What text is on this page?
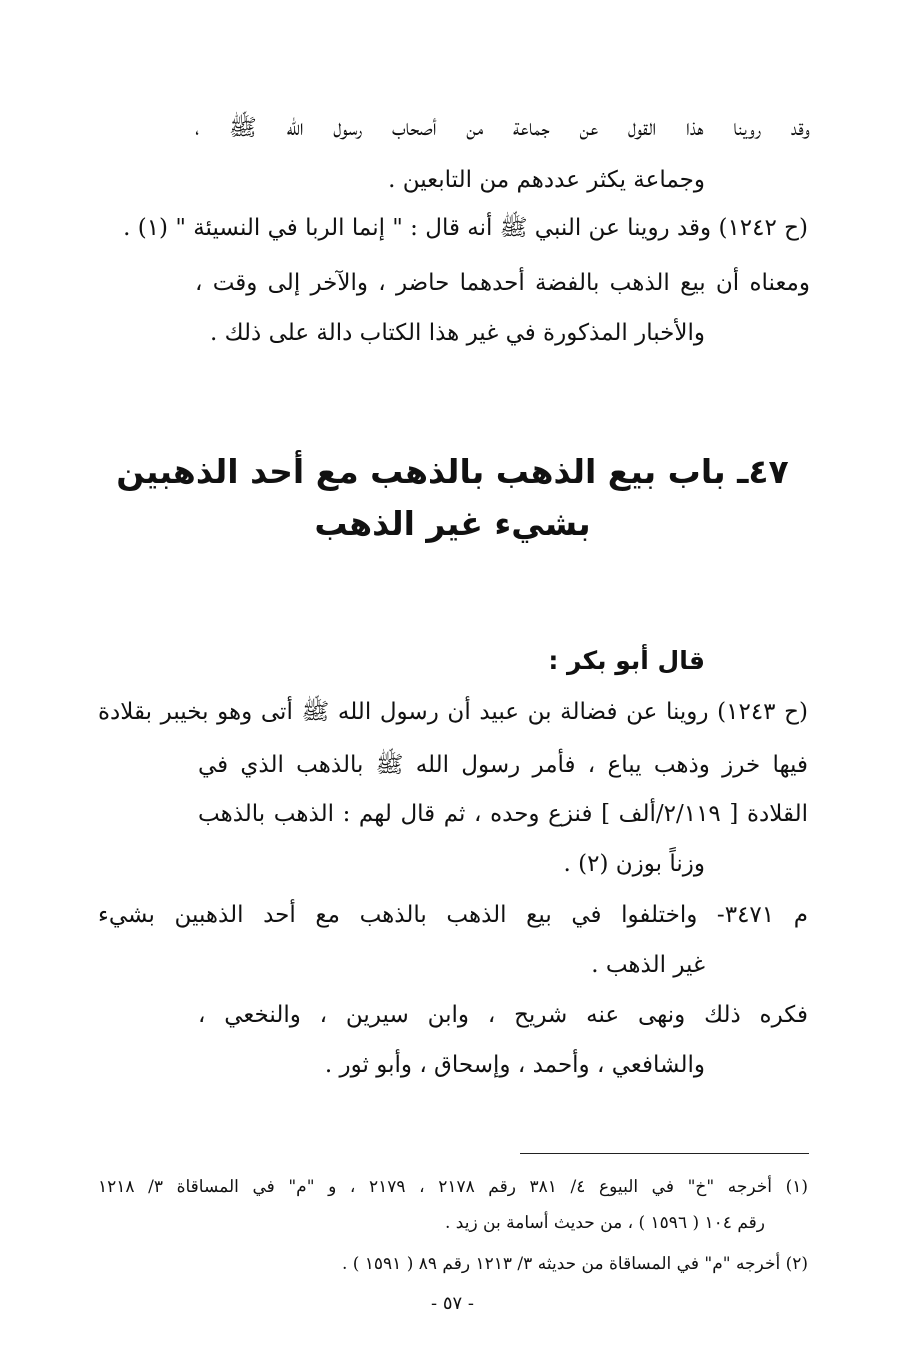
وقد روينا هذا القول عن جماعة من أصحاب رسول الله ﷺ ،
وجماعة يكثر عددهم من التابعين .
(ح ١٢٤٢) وقد روينا عن النبي ﷺ أنه قال : " إنما الربا في النسيئة " (١) .
ومعناه أن بيع الذهب بالفضة أحدهما حاضر ، والآخر إلى وقت ،
والأخبار المذكورة في غير هذا الكتاب دالة على ذلك .
٤٧ـ باب بيع الذهب بالذهب مع أحد الذهبين
بشيء غير الذهب
قال أبو بكر :
(ح ١٢٤٣) روينا عن فضالة بن عبيد أن رسول الله ﷺ أتى وهو بخيبر بقلادة
فيها خرز وذهب يباع ، فأمر رسول الله ﷺ بالذهب الذي في
القلادة [ ٢/١١٩/ألف ] فنزع وحده ، ثم قال لهم : الذهب بالذهب
وزناً بوزن (٢) .
م ٣٤٧١- واختلفوا في بيع الذهب بالذهب مع أحد الذهبين بشيء
غير الذهب .
فكره ذلك ونهى عنه شريح ، وابن سيرين ، والنخعي ،
والشافعي ، وأحمد ، وإسحاق ، وأبو ثور .
(١) أخرجه "خ" في البيوع ٤/ ٣٨١ رقم ٢١٧٨ ، ٢١٧٩ ، و "م" في المساقاة ٣/ ١٢١٨
رقم ١٠٤ ( ١٥٩٦ ) ، من حديث أسامة بن زيد .
(٢) أخرجه "م" في المساقاة من حديثه ٣/ ١٢١٣ رقم ٨٩ ( ١٥٩١ ) .
- ٥٧ -
